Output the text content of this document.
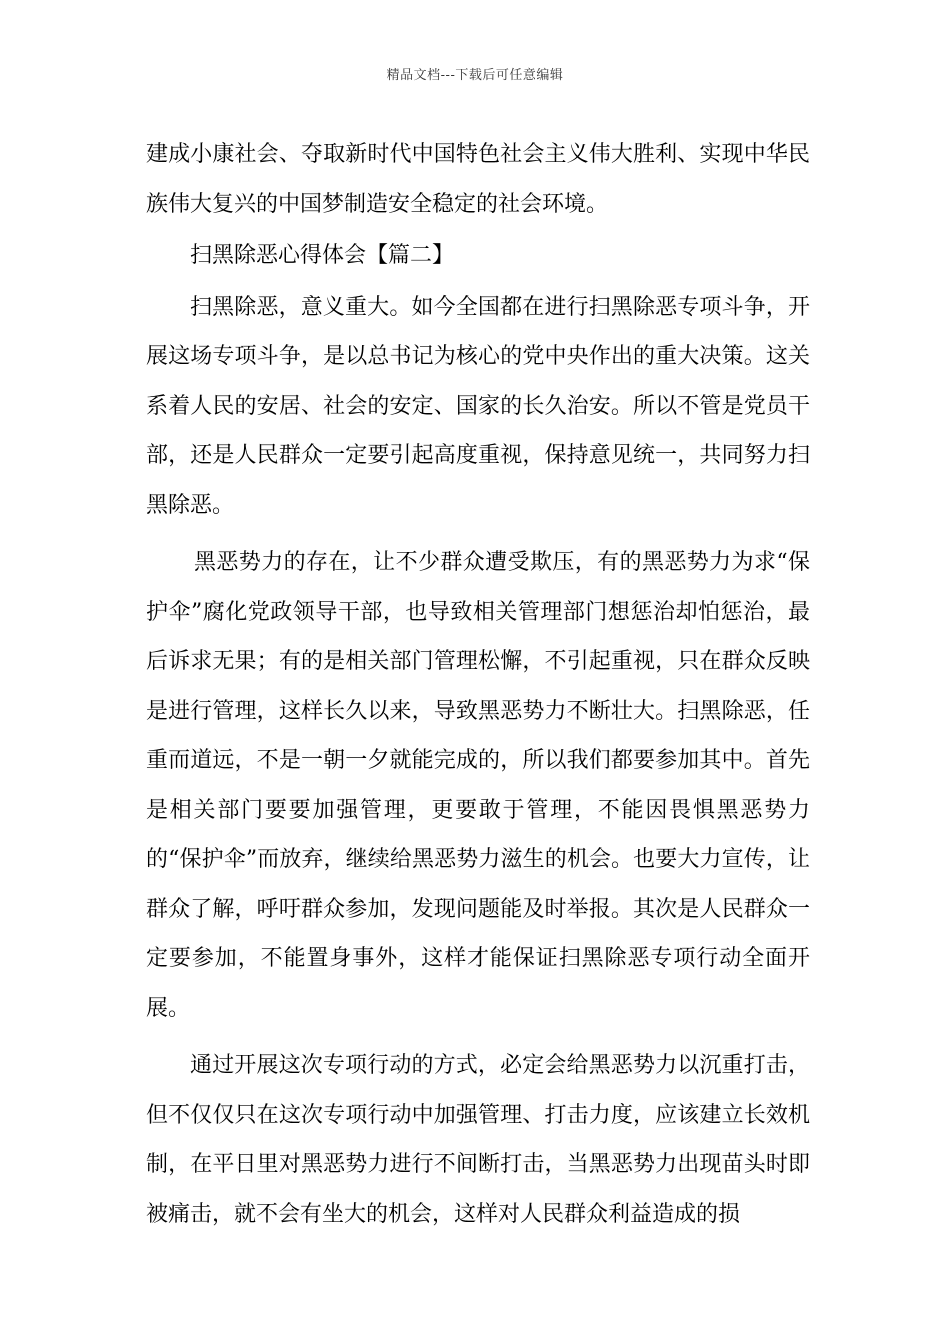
精品文档---下载后可任意编辑

建成小康社会、夺取新时代中国特色社会主义伟大胜利、实现中华民族伟大复兴的中国梦制造安全稳定的社会环境。

扫黑除恶心得体会【篇二】

扫黑除恶，意义重大。如今全国都在进行扫黑除恶专项斗争，开展这场专项斗争，是以总书记为核心的党中央作出的重大决策。这关系着人民的安居、社会的安定、国家的长久治安。所以不管是党员干部，还是人民群众一定要引起高度重视，保持意见统一，共同努力扫黑除恶。

黑恶势力的存在，让不少群众遭受欺压，有的黑恶势力为求“保护伞”腐化党政领导干部，也导致相关管理部门想惩治却怕惩治，最后诉求无果；有的是相关部门管理松懈，不引起重视，只在群众反映是进行管理，这样长久以来，导致黑恶势力不断壮大。扫黑除恶，任重而道远，不是一朝一夕就能完成的，所以我们都要参加其中。首先是相关部门要要加强管理，更要敢于管理，不能因畏惧黑恶势力的“保护伞”而放弃，继续给黑恶势力滋生的机会。也要大力宣传，让群众了解，呼吁群众参加，发现问题能及时举报。其次是人民群众一定要参加，不能置身事外，这样才能保证扫黑除恶专项行动全面开展。

通过开展这次专项行动的方式，必定会给黑恶势力以沉重打击，但不仅仅只在这次专项行动中加强管理、打击力度，应该建立长效机制，在平日里对黑恶势力进行不间断打击，当黑恶势力出现苗头时即被痛击，就不会有坐大的机会，这样对人民群众利益造成的损
